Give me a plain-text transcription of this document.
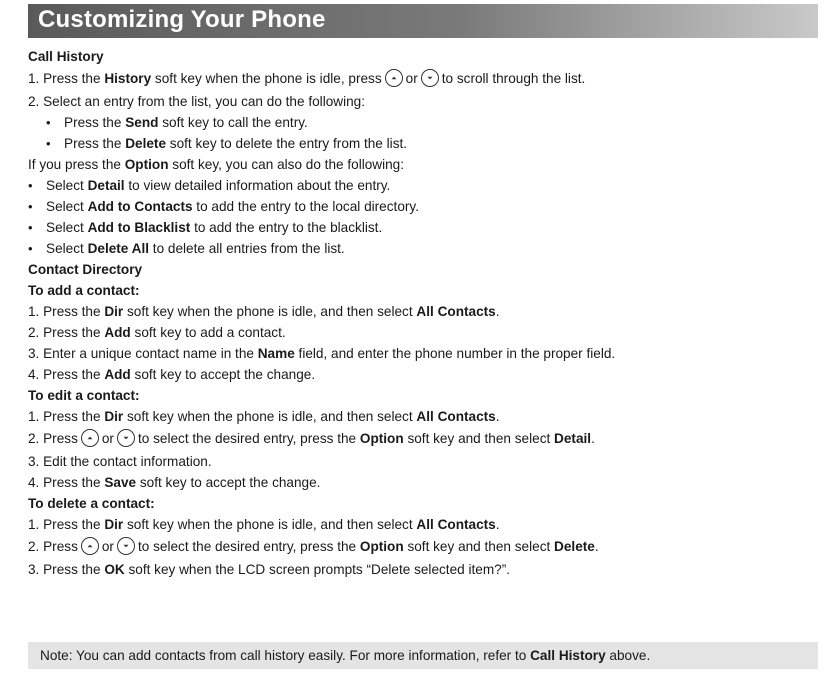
Customizing Your Phone
Call History
1. Press the History soft key when the phone is idle, press or to scroll through the list.
2. Select an entry from the list, you can do the following:
• Press the Send soft key to call the entry.
• Press the Delete soft key to delete the entry from the list.
If you press the Option soft key, you can also do the following:
• Select Detail to view detailed information about the entry.
• Select Add to Contacts to add the entry to the local directory.
• Select Add to Blacklist to add the entry to the blacklist.
• Select Delete All to delete all entries from the list.
Contact Directory
To add a contact:
1. Press the Dir soft key when the phone is idle, and then select All Contacts.
2. Press the Add soft key to add a contact.
3. Enter a unique contact name in the Name field, and enter the phone number in the proper field.
4. Press the Add soft key to accept the change.
To edit a contact:
1. Press the Dir soft key when the phone is idle, and then select All Contacts.
2. Press or to select the desired entry, press the Option soft key and then select Detail.
3. Edit the contact information.
4. Press the Save soft key to accept the change.
To delete a contact:
1. Press the Dir soft key when the phone is idle, and then select All Contacts.
2. Press or to select the desired entry, press the Option soft key and then select Delete.
3. Press the OK soft key when the LCD screen prompts “Delete selected item?”.
Note: You can add contacts from call history easily. For more information, refer to Call History above.
